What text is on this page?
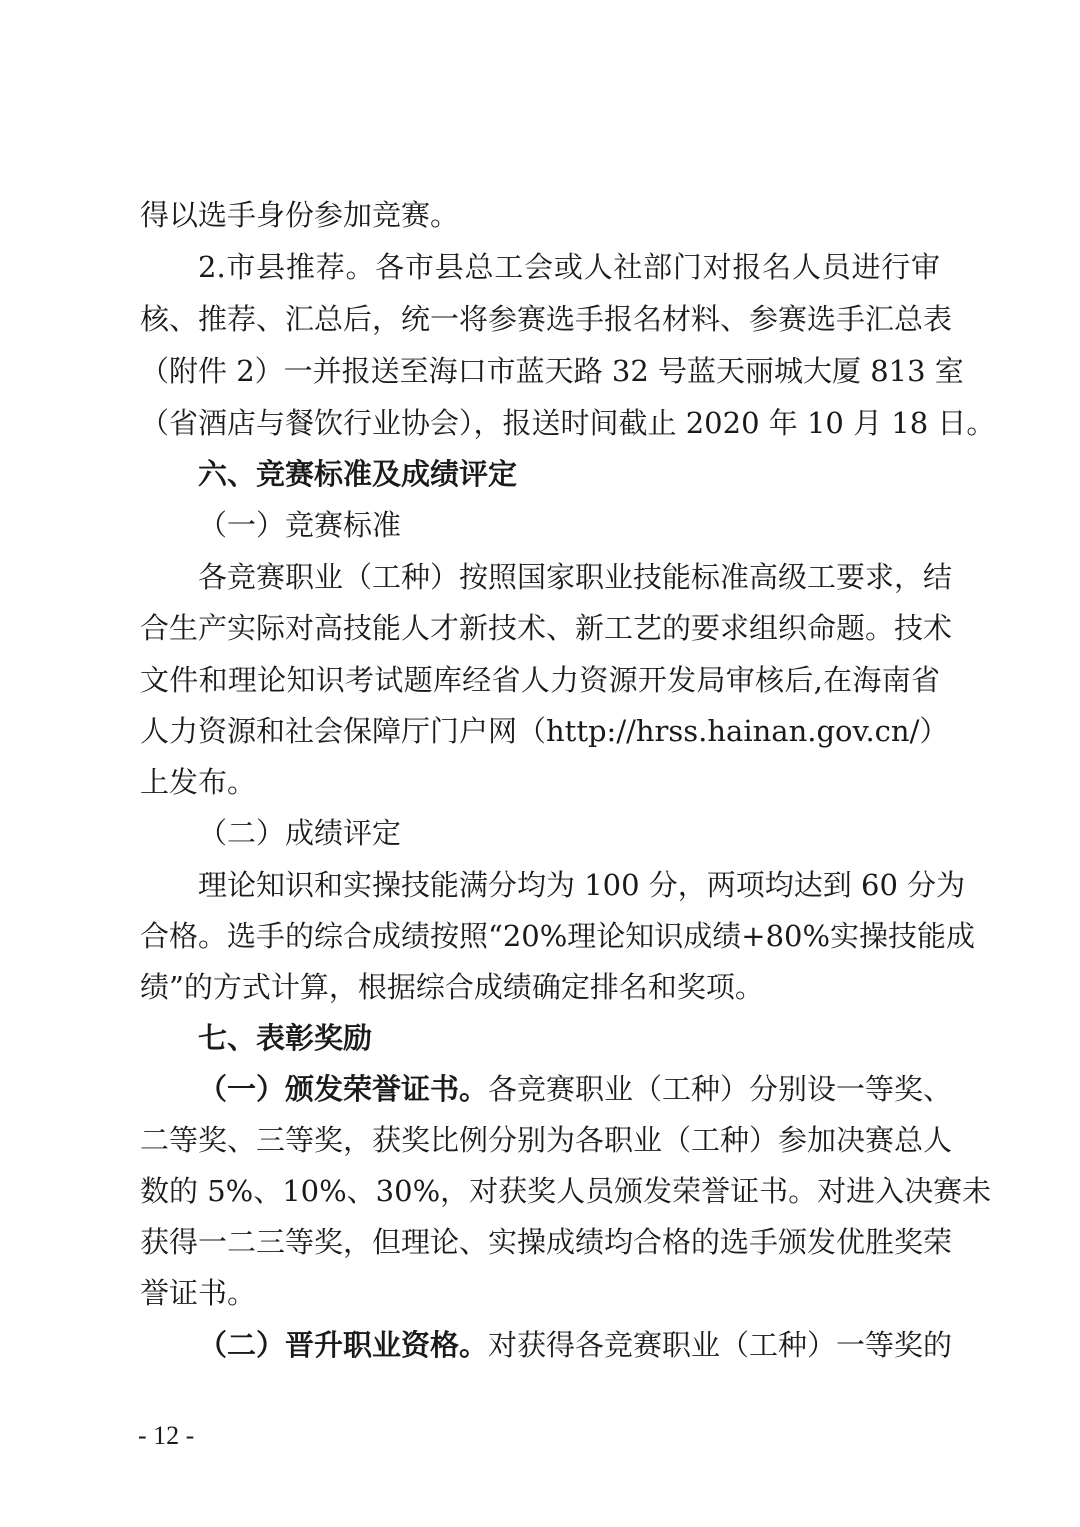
得以选手身份参加竞赛。
2.市县推荐。各市县总工会或人社部门对报名人员进行审
核、推荐、汇总后，统一将参赛选手报名材料、参赛选手汇总表
（附件 2）一并报送至海口市蓝天路 32 号蓝天丽城大厦 813 室
（省酒店与餐饮行业协会），报送时间截止 2020 年 10 月 18 日。
六、竞赛标准及成绩评定
（一）竞赛标准
各竞赛职业（工种）按照国家职业技能标准高级工要求，结
合生产实际对高技能人才新技术、新工艺的要求组织命题。技术
文件和理论知识考试题库经省人力资源开发局审核后,在海南省
人力资源和社会保障厅门户网（http://hrss.hainan.gov.cn/）
上发布。
（二）成绩评定
理论知识和实操技能满分均为 100 分，两项均达到 60 分为
合格。选手的综合成绩按照“20%理论知识成绩+80%实操技能成
绩”的方式计算，根据综合成绩确定排名和奖项。
七、表彰奖励
（一）颁发荣誉证书。各竞赛职业（工种）分别设一等奖、
二等奖、三等奖，获奖比例分别为各职业（工种）参加决赛总人
数的 5%、10%、30%，对获奖人员颁发荣誉证书。对进入决赛未
获得一二三等奖，但理论、实操成绩均合格的选手颁发优胜奖荣
誉证书。
（二）晋升职业资格。对获得各竞赛职业（工种）一等奖的
- 12 -
